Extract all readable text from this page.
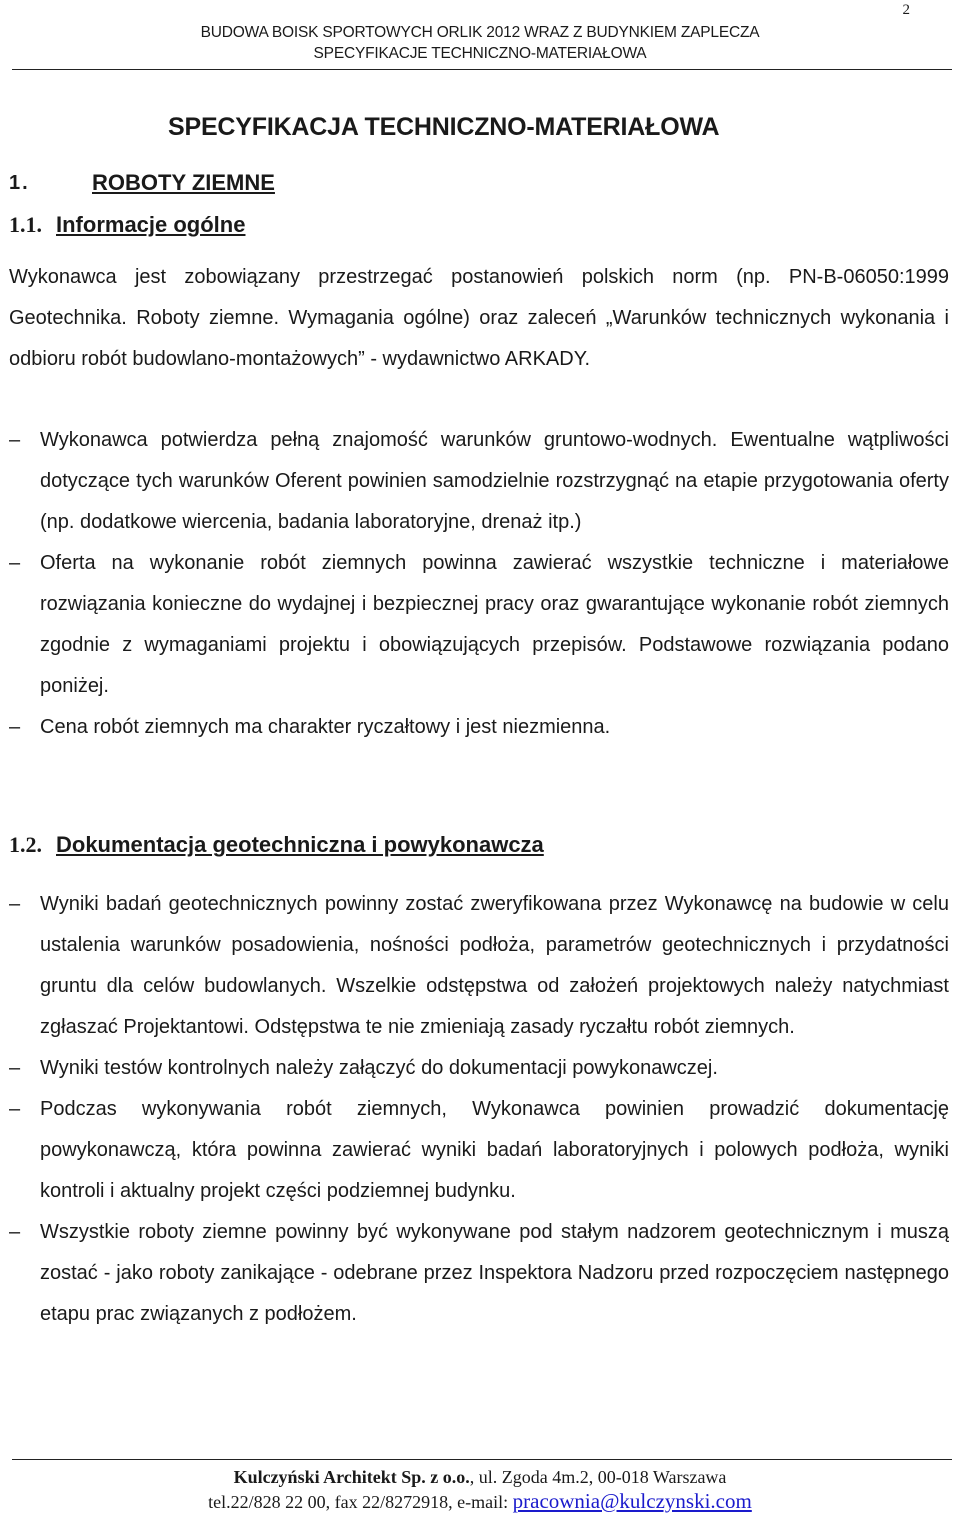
2
BUDOWA BOISK SPORTOWYCH ORLIK 2012 WRAZ Z BUDYNKIEM ZAPLECZA
SPECYFIKACJE TECHNICZNO-MATERIAŁOWA
SPECYFIKACJA TECHNICZNO-MATERIAŁOWA
1.	ROBOTY ZIEMNE
1.1. Informacje ogólne
Wykonawca jest zobowiązany przestrzegać postanowień polskich norm (np. PN-B-06050:1999 Geotechnika. Roboty ziemne. Wymagania ogólne) oraz zaleceń „Warunków technicznych wykonania i odbioru robót budowlano-montażowych” - wydawnictwo ARKADY.
– Wykonawca potwierdza pełną znajomość warunków gruntowo-wodnych. Ewentualne wątpliwości dotyczące tych warunków Oferent powinien samodzielnie rozstrzygnąć na etapie przygotowania oferty (np. dodatkowe wiercenia, badania laboratoryjne, drenaż itp.)
– Oferta na wykonanie robót ziemnych powinna zawierać wszystkie techniczne i materiałowe rozwiązania konieczne do wydajnej i bezpiecznej pracy oraz gwarantujące wykonanie robót ziemnych zgodnie z wymaganiami projektu i obowiązujących przepisów. Podstawowe rozwiązania podano poniżej.
– Cena robót ziemnych ma charakter ryczałtowy i jest niezmienna.
1.2. Dokumentacja geotechniczna i powykonawcza
– Wyniki badań geotechnicznych powinny zostać zweryfikowana przez Wykonawcę na budowie w celu ustalenia warunków posadowienia, nośności podłoża, parametrów geotechnicznych i przydatności gruntu dla celów budowlanych. Wszelkie odstępstwa od założeń projektowych należy natychmiast zgłaszać Projektantowi. Odstępstwa te nie zmieniają zasady ryczałtu robót ziemnych.
– Wyniki testów kontrolnych należy załączyć do dokumentacji powykonawczej.
– Podczas wykonywania robót ziemnych, Wykonawca powinien prowadzić dokumentację powykonawczą, która powinna zawierać wyniki badań laboratoryjnych i polowych podłoża, wyniki kontroli i aktualny projekt części podziemnej budynku.
– Wszystkie roboty ziemne powinny być wykonywane pod stałym nadzorem geotechnicznym i muszą zostać - jako roboty zanikające - odebrane przez Inspektora Nadzoru przed rozpoczęciem następnego etapu prac związanych z podłożem.
Kulczyński Architekt Sp. z o.o., ul. Zgoda 4m.2, 00-018 Warszawa
tel.22/828 22 00, fax 22/8272918, e-mail: pracownia@kulczynski.com
